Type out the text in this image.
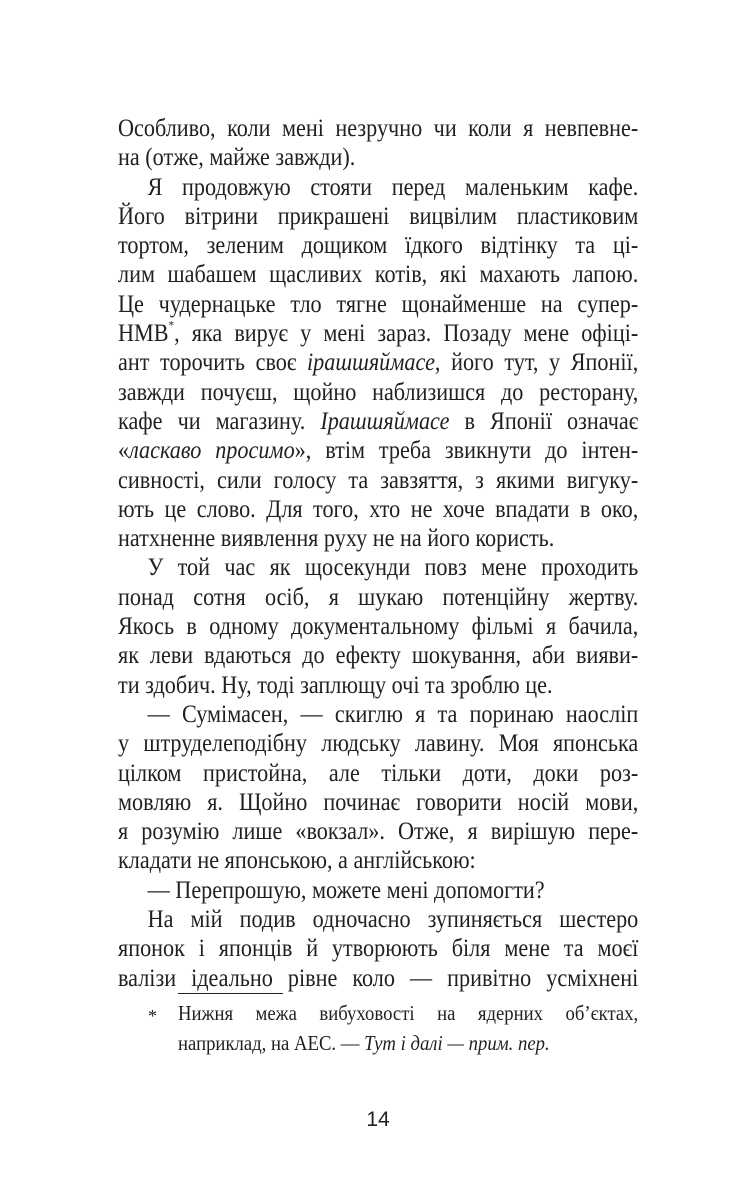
Особливо, коли мені незручно чи коли я невпевне-
на (отже, майже завжди).
Я продовжую стояти перед маленьким кафе.
Його вітрини прикрашені вицвілим пластиковим
тортом, зеленим дощиком їдкого відтінку та ці-
лим шабашем щасливих котів, які махають лапою.
Це чудернацьке тло тягне щонайменше на супер-
НМВ*, яка вирує у мені зараз. Позаду мене офіці-
ант торочить своє ірашшяймасе, його тут, у Японії,
завжди почуєш, щойно наблизишся до ресторану,
кафе чи магазину. Ірашшяймасе в Японії означає
«ласкаво просимо», втім треба звикнути до інтен-
сивності, сили голосу та завзяття, з якими вигуку-
ють це слово. Для того, хто не хоче впадати в око,
натхненне виявлення руху не на його користь.
У той час як щосекунди повз мене проходить
понад сотня осіб, я шукаю потенційну жертву.
Якось в одному документальному фільмі я бачила,
як леви вдаються до ефекту шокування, аби вияви-
ти здобич. Ну, тоді заплющу очі та зроблю це.
— Сумімасен, — скиглю я та поринаю наосліп
у штруделеподібну людську лавину. Моя японська
цілком пристойна, але тільки доти, доки роз-
мовляю я. Щойно починає говорити носій мови,
я розумію лише «вокзал». Отже, я вирішую пере-
кладати не японською, а англійською:
— Перепрошую, можете мені допомогти?
На мій подив одночасно зупиняється шестеро
японок і японців й утворюють біля мене та моєї
валізи ідеально рівне коло — привітно усміхнені
* Нижня межа вибуховості на ядерних об’єктах,
наприклад, на АЕС. — Тут і далі — прим. пер.
14
